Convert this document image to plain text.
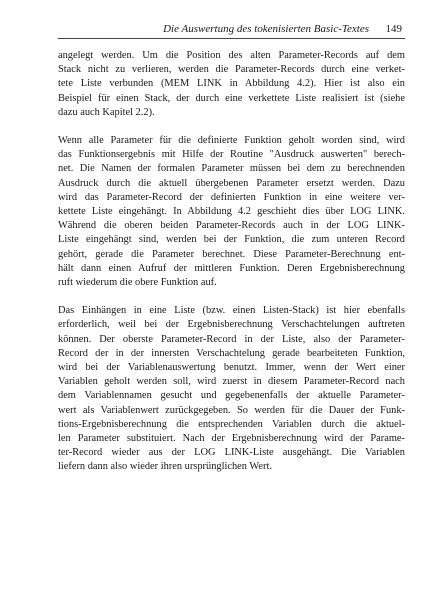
Die Auswertung des tokenisierten Basic-Textes 149

angelegt werden. Um die Position des alten Parameter-Records auf dem
Stack nicht zu verlieren, werden die Parameter-Records durch eine verket-
tete Liste verbunden (MEM LINK in Abbildung 4.2). Hier ist also ein
Beispiel für einen Stack, der durch eine verkettete Liste realisiert ist (siehe
dazu auch Kapitel 2.2).

Wenn alle Parameter für die definierte Funktion geholt worden sind, wird
das Funktionsergebnis mit Hilfe der Routine "Ausdruck auswerten" berech-
net. Die Namen der formalen Parameter müssen bei dem zu berechnenden
Ausdruck durch die aktuell übergebenen Parameter ersetzt werden. Dazu
wird das Parameter-Record der definierten Funktion in eine weitere ver-
kettete Liste eingehängt. In Abbildung 4.2 geschieht dies über LOG LINK.
Während die oberen beiden Parameter-Records auch in der LOG LINK-
Liste eingehängt sind, werden bei der Funktion, die zum unteren Record
gehört, gerade die Parameter berechnet. Diese Parameter-Berechnung ent-
hält dann einen Aufruf der mittleren Funktion. Deren Ergebnisberechnung
ruft wiederum die obere Funktion auf.

Das Einhängen in eine Liste (bzw. einen Listen-Stack) ist hier ebenfalls
erforderlich, weil bei der Ergebnisberechnung Verschachtelungen auftreten
können. Der oberste Parameter-Record in der Liste, also der Parameter-
Record der in der innersten Verschachtelung gerade bearbeiteten Funktion,
wird bei der Variablenauswertung benutzt. Immer, wenn der Wert einer
Variablen geholt werden soll, wird zuerst in diesem Parameter-Record nach
dem Variablennamen gesucht und gegebenenfalls der aktuelle Parameter-
wert als Variablenwert zurückgegeben. So werden für die Dauer der Funk-
tions-Ergebnisberechnung die entsprechenden Variablen durch die aktuel-
len Parameter substituiert. Nach der Ergebnisberechnung wird der Parame-
ter-Record wieder aus der LOG LINK-Liste ausgehängt. Die Variablen
liefern dann also wieder ihren ursprünglichen Wert.
